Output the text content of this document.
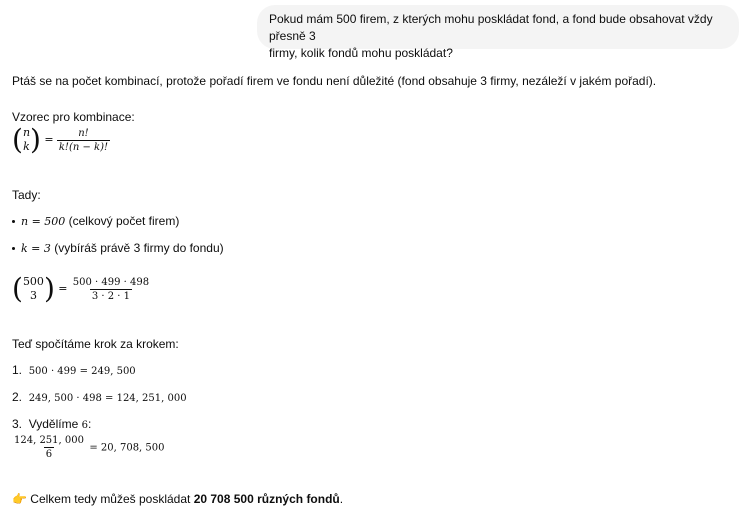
Pokud mám 500 firem, z kterých mohu poskládat fond, a fond bude obsahovat vždy přesně 3
firmy, kolik fondů mohu poskládat?
Ptáš se na počet kombinací, protože pořadí firem ve fondu není důležité (fond obsahuje 3 firmy, nezáleží v jakém pořadí).
Vzorec pro kombinace:
( n
k ) = $\frac{n!}{k!(n - k)!}$
Tady:
n = 500 (celkový počet firem)
k = 3 (vybíráš právě 3 firmy do fondu)
( 500
3 ) = $\frac{500 \cdot 499 \cdot 498}{3 \cdot 2 \cdot 1}$
Teď spočítáme krok za krokem:
1. 500 · 499 = 249, 500
2. 249, 500 · 498 = 124, 251, 000
3. Vydělíme 6:
$\frac{124, 251, 000}{6} = 20$, 708, 500
👉 Celkem tedy můžeš poskládat 20 708 500 různých fondů.
